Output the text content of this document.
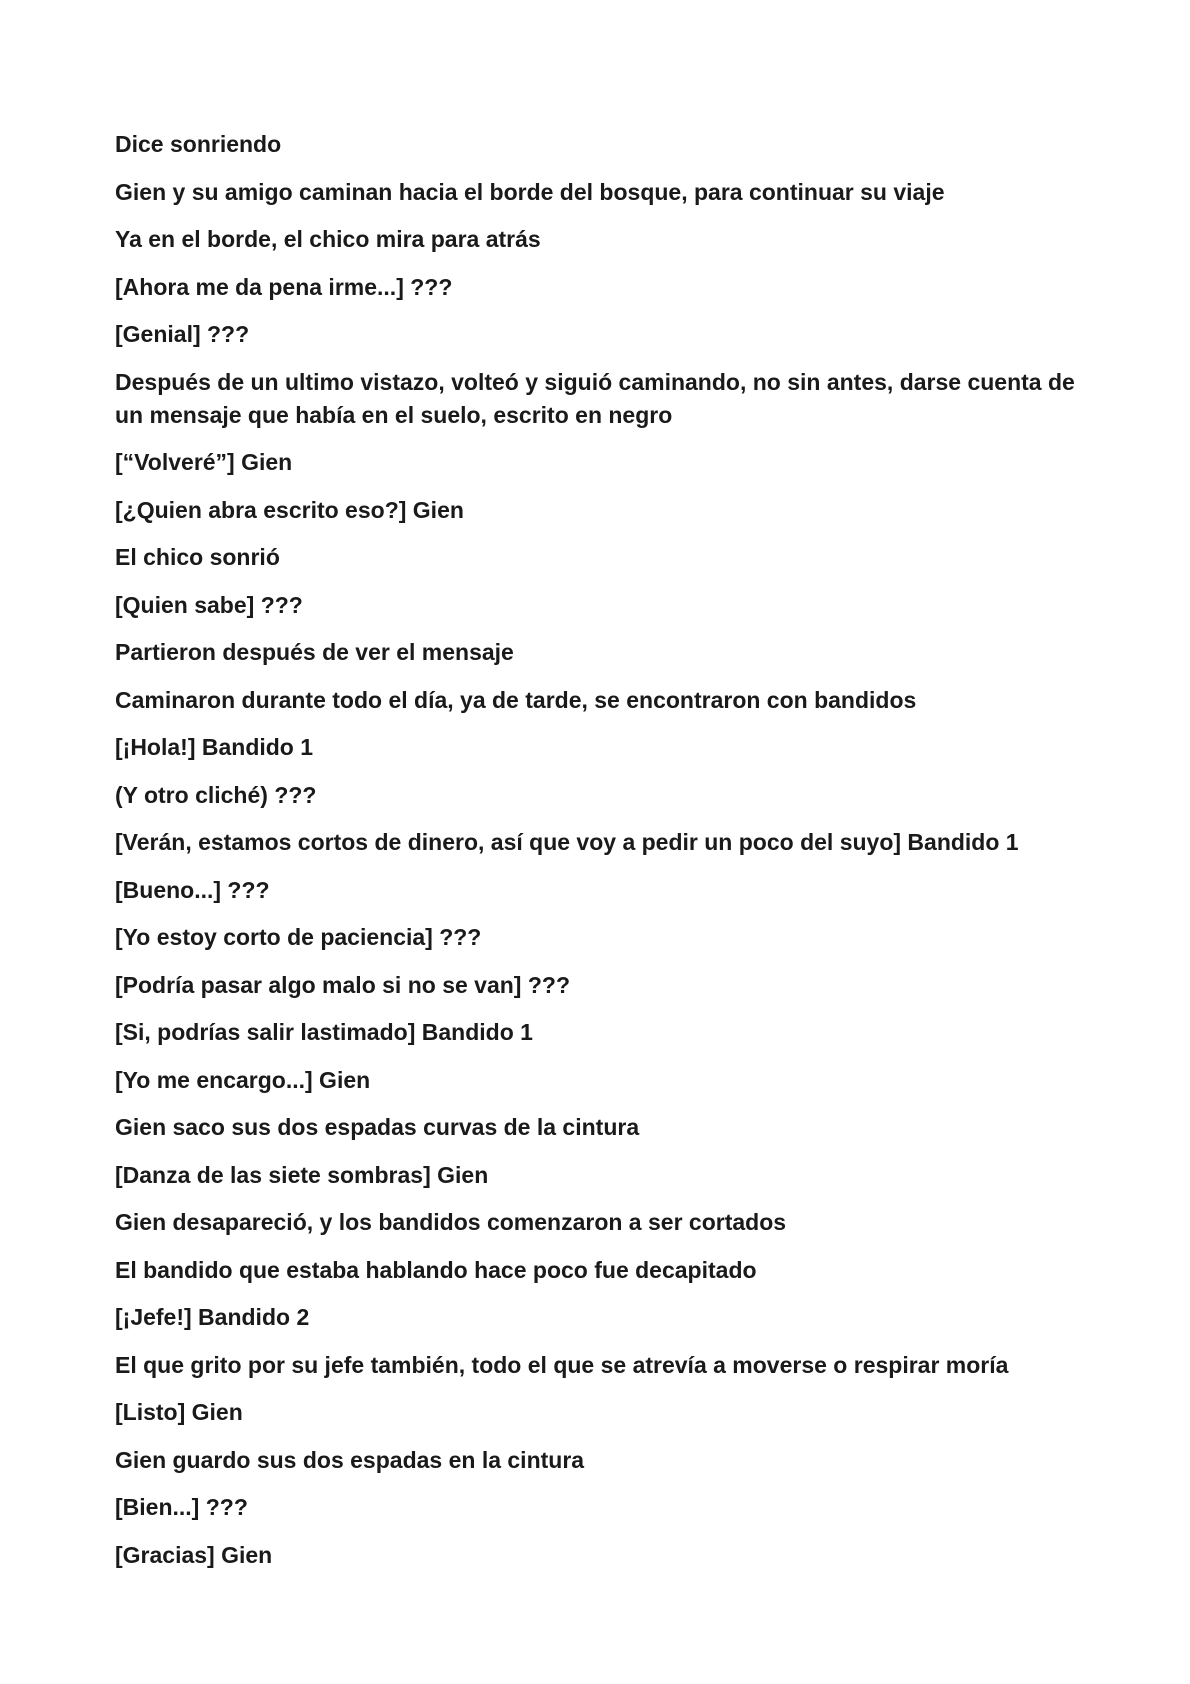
Dice sonriendo

Gien y su amigo caminan hacia el borde del bosque, para continuar su viaje

Ya en el borde, el chico mira para atrás

[Ahora me da pena irme...] ???

[Genial] ???

Después de un ultimo vistazo, volteó y siguió caminando, no sin antes, darse cuenta de un mensaje que había en el suelo, escrito en negro

[“Volveré”] Gien

[¿Quien abra escrito eso?] Gien

El chico sonrió

[Quien sabe] ???

Partieron después de ver el mensaje

Caminaron durante todo el día, ya de tarde, se encontraron con bandidos

[¡Hola!] Bandido 1

(Y otro cliché) ???

[Verán, estamos cortos de dinero, así que voy a pedir un poco del suyo] Bandido 1

[Bueno...] ???

[Yo estoy corto de paciencia] ???

[Podría pasar algo malo si no se van] ???

[Si, podrías salir lastimado] Bandido 1

[Yo me encargo...] Gien

Gien saco sus dos espadas curvas de la cintura

[Danza de las siete sombras] Gien

Gien desapareció, y los bandidos comenzaron a ser cortados

El bandido que estaba hablando hace poco fue decapitado

[¡Jefe!] Bandido 2

El que grito por su jefe también, todo el que se atrevía a moverse o respirar moría

[Listo] Gien

Gien guardo sus dos espadas en la cintura

[Bien...] ???

[Gracias] Gien
